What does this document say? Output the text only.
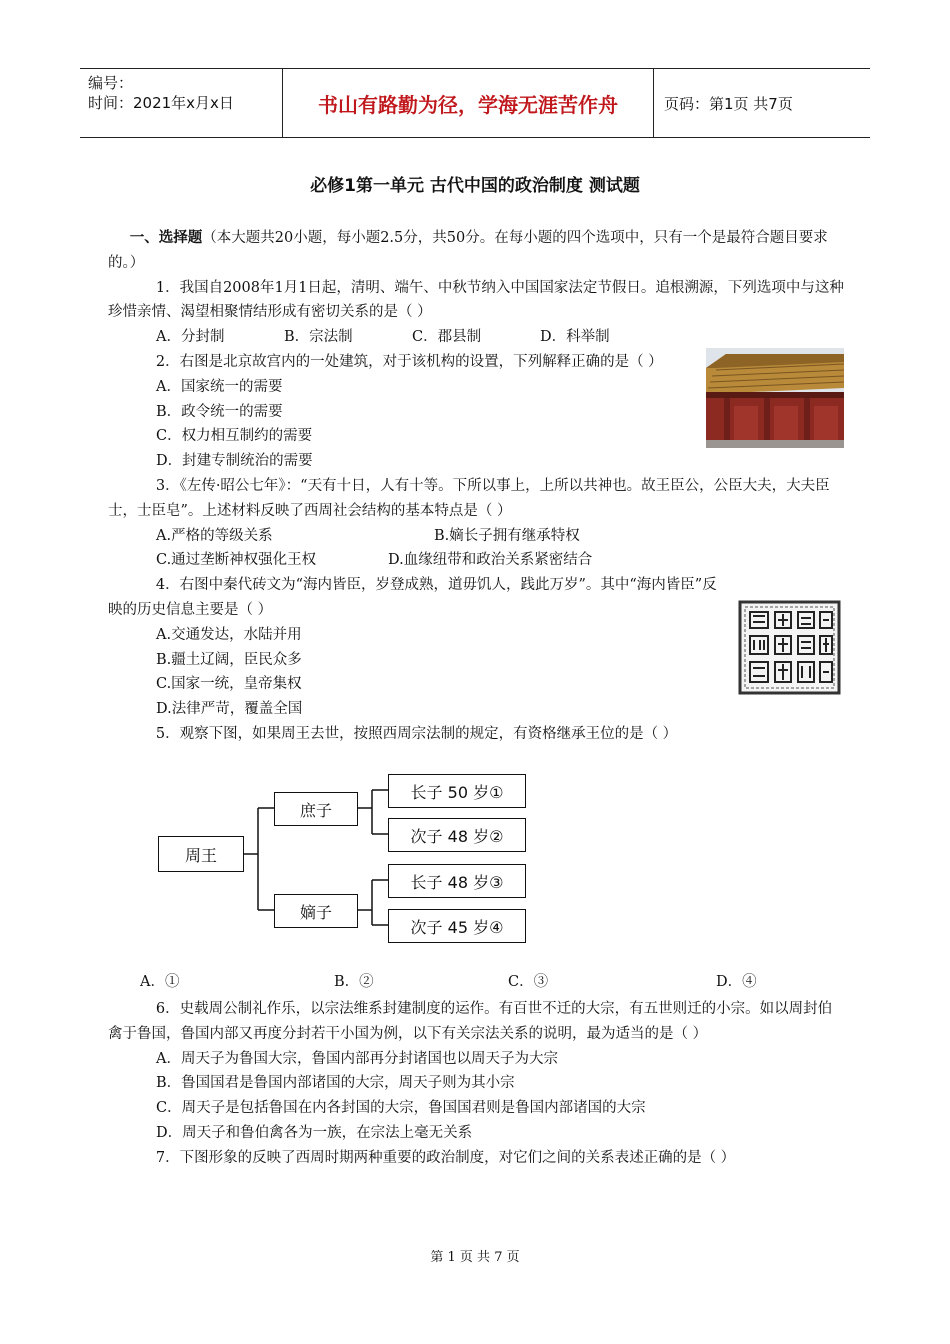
编号：
时间：2021年x月x日	书山有路勤为径，学海无涯苦作舟	页码：第1页 共7页
必修1第一单元 古代中国的政治制度 测试题

一、选择题（本大题共20小题，每小题2.5分，共50分。在每小题的四个选项中，只有一个是最符合题目要求的。）

1．我国自2008年1月1日起，清明、端午、中秋节纳入中国国家法定节假日。追根溯源，下列选项中与这种珍惜亲情、渴望相聚情结形成有密切关系的是（ ）

A．分封制	B．宗法制	C．郡县制	D．科举制

2．右图是北京故宫内的一处建筑，对于该机构的设置，下列解释正确的是（ ）

A．国家统一的需要
B．政令统一的需要
C．权力相互制约的需要
D．封建专制统治的需要

3．《左传·昭公七年》：“天有十日，人有十等。下所以事上，上所以共神也。故王臣公，公臣大夫，大夫臣士，士臣皂”。上述材料反映了西周社会结构的基本特点是（ ）

A.严格的等级关系	B.嫡长子拥有继承特权
C.通过垄断神权强化王权	D.血缘纽带和政治关系紧密结合

4．右图中秦代砖文为“海内皆臣，岁登成熟，道毋饥人，践此万岁”。其中“海内皆臣”反映的历史信息主要是（ ）

A.交通发达，水陆并用
B.疆土辽阔，臣民众多
C.国家一统，皇帝集权
D.法律严苛，覆盖全国

5．观察下图，如果周王去世，按照西周宗法制的规定，有资格继承王位的是（ ）

周王
庶子
嫡子
长子 50 岁①
次子 48 岁②
长子 48 岁③
次子 45 岁④
A．①	B．②	C．③	D．④

6．史载周公制礼作乐，以宗法维系封建制度的运作。有百世不迁的大宗，有五世则迁的小宗。如以周封伯禽于鲁国，鲁国内部又再度分封若干小国为例，以下有关宗法关系的说明，最为适当的是（ ）

A．周天子为鲁国大宗，鲁国内部再分封诸国也以周天子为大宗
B．鲁国国君是鲁国内部诸国的大宗，周天子则为其小宗
C．周天子是包括鲁国在内各封国的大宗，鲁国国君则是鲁国内部诸国的大宗
D．周天子和鲁伯禽各为一族，在宗法上毫无关系

7．下图形象的反映了西周时期两种重要的政治制度，对它们之间的关系表述正确的是（ ）

第 1 页 共 7 页
